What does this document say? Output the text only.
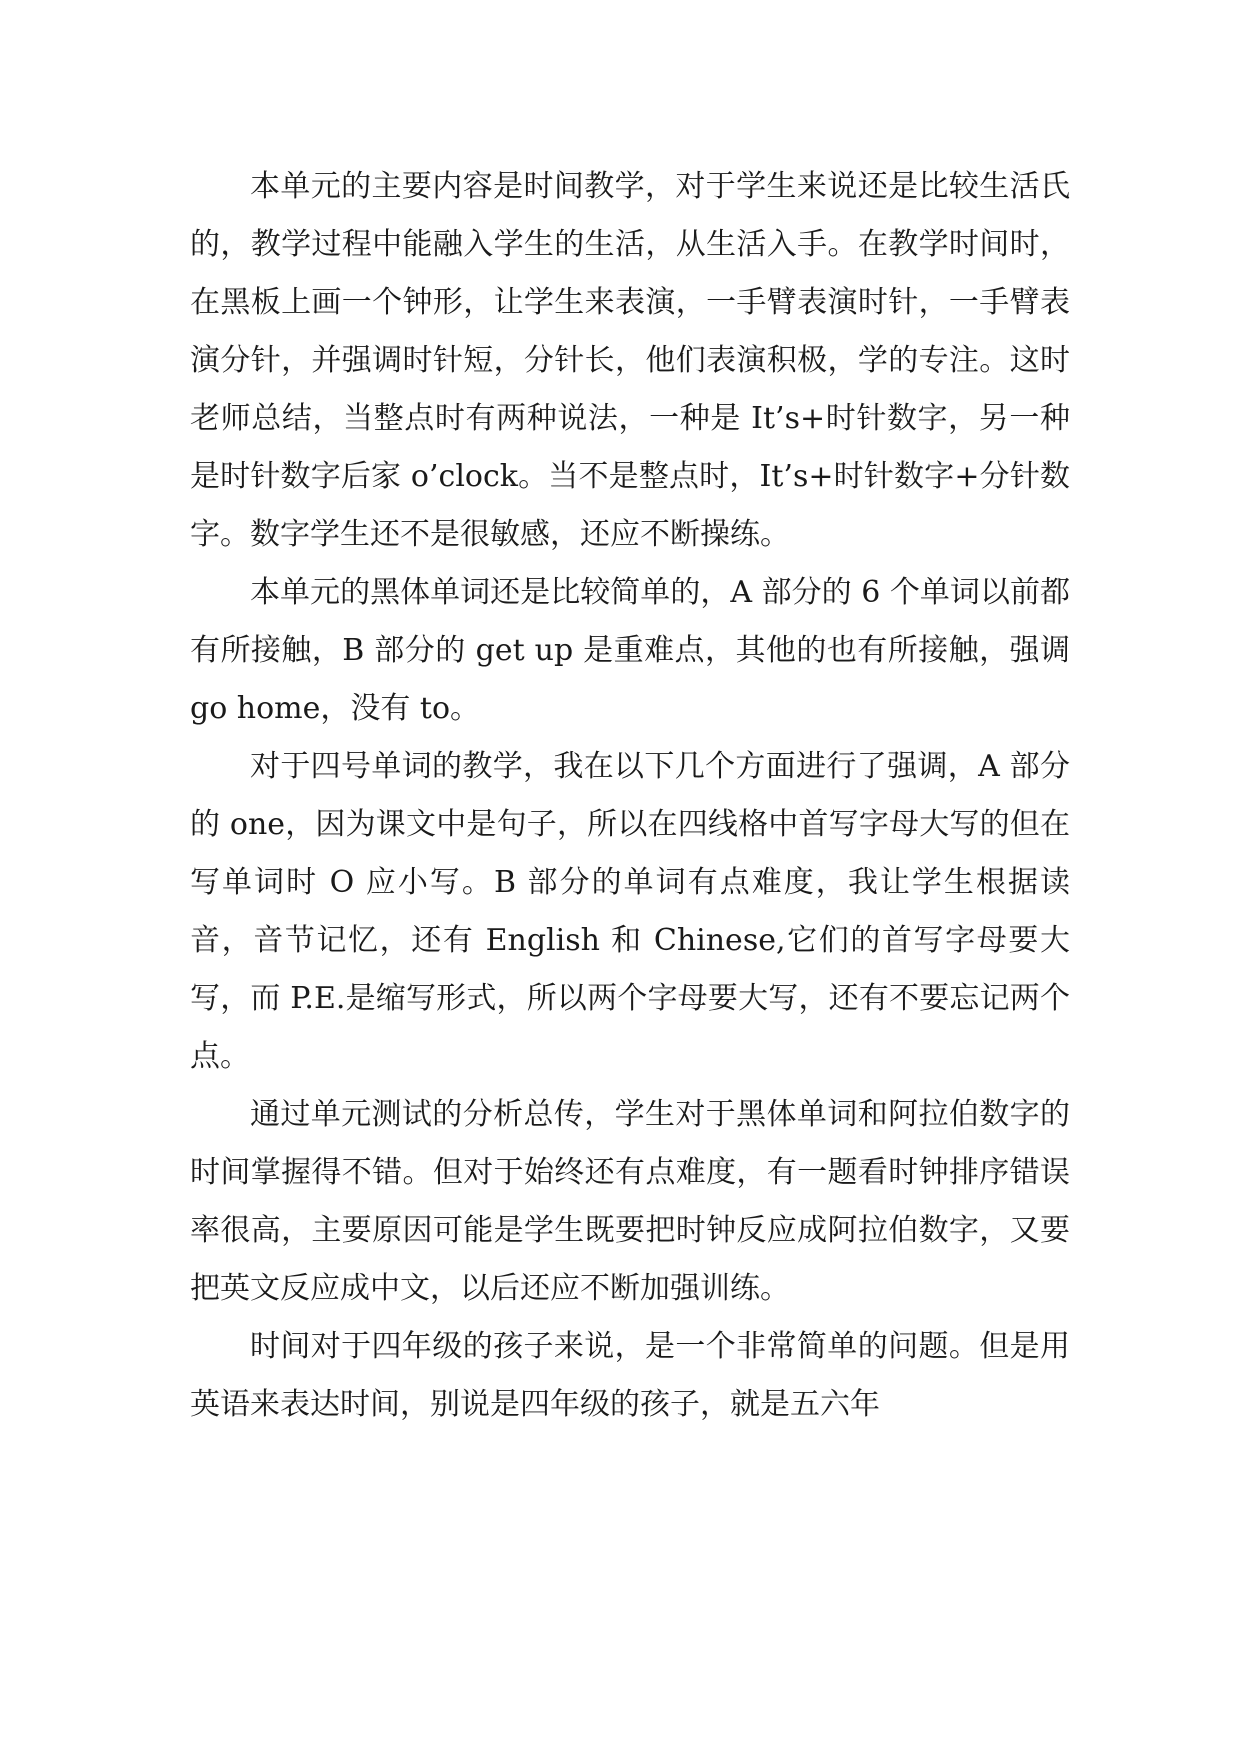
本单元的主要内容是时间教学，对于学生来说还是比较生活氏的，教学过程中能融入学生的生活，从生活入手。在教学时间时，在黑板上画一个钟形，让学生来表演，一手臂表演时针，一手臂表演分针，并强调时针短，分针长，他们表演积极，学的专注。这时老师总结，当整点时有两种说法，一种是 It’s+时针数字，另一种是时针数字后家 o’clock。当不是整点时，It’s+时针数字+分针数字。数字学生还不是很敏感，还应不断操练。

本单元的黑体单词还是比较简单的，A 部分的 6 个单词以前都有所接触，B 部分的 get up 是重难点，其他的也有所接触，强调 go home，没有 to。

对于四号单词的教学，我在以下几个方面进行了强调，A 部分的 one，因为课文中是句子，所以在四线格中首写字母大写的但在写单词时 O 应小写。B 部分的单词有点难度，我让学生根据读音，音节记忆，还有 English 和 Chinese,它们的首写字母要大写，而 P.E.是缩写形式，所以两个字母要大写，还有不要忘记两个点。

通过单元测试的分析总传，学生对于黑体单词和阿拉伯数字的时间掌握得不错。但对于始终还有点难度，有一题看时钟排序错误率很高，主要原因可能是学生既要把时钟反应成阿拉伯数字，又要把英文反应成中文，以后还应不断加强训练。

时间对于四年级的孩子来说，是一个非常简单的问题。但是用英语来表达时间，别说是四年级的孩子，就是五六年
